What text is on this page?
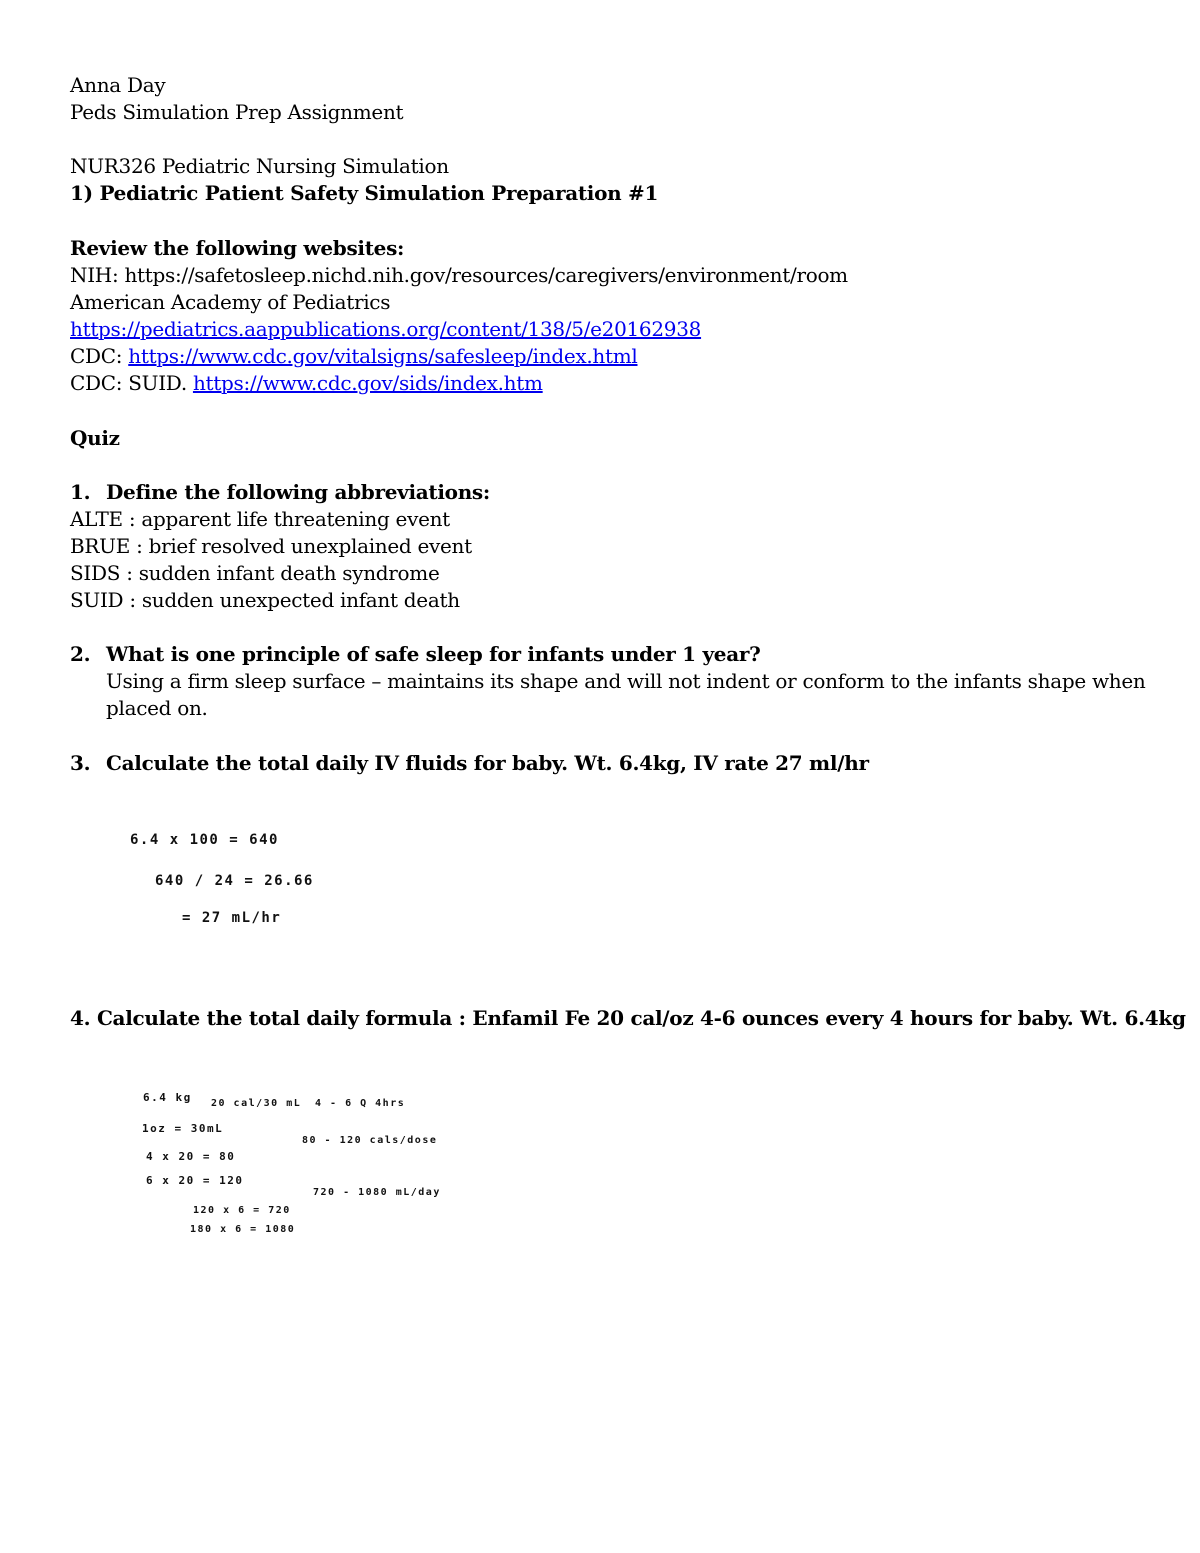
Anna Day
Peds Simulation Prep Assignment
NUR326 Pediatric Nursing Simulation
1) Pediatric Patient Safety Simulation Preparation #1
Review the following websites:
NIH: https://safetosleep.nichd.nih.gov/resources/caregivers/environment/room
American Academy of Pediatrics
https://pediatrics.aappublications.org/content/138/5/e20162938
CDC: https://www.cdc.gov/vitalsigns/safesleep/index.html
CDC: SUID. https://www.cdc.gov/sids/index.htm
Quiz
1. Define the following abbreviations:
ALTE : apparent life threatening event
BRUE : brief resolved unexplained event
SIDS : sudden infant death syndrome
SUID : sudden unexpected infant death
2. What is one principle of safe sleep for infants under 1 year?
Using a firm sleep surface – maintains its shape and will not indent or conform to the infants shape when
placed on.
3. Calculate the total daily IV fluids for baby. Wt. 6.4kg, IV rate 27 ml/hr
6.4 x 100 = 640
640 / 24 = 26.66
= 27 mL/hr
4. Calculate the total daily formula : Enfamil Fe 20 cal/oz 4-6 ounces every 4 hours for baby. Wt. 6.4kg
6.4 kg 20 cal/30 mL 4 - 6 Q 4hrs
1oz = 30mL
80 - 120 cals/dose
4 x 20 = 80
6 x 20 = 120
720 - 1080 mL/day
120 x 6 = 720
180 x 6 = 1080
